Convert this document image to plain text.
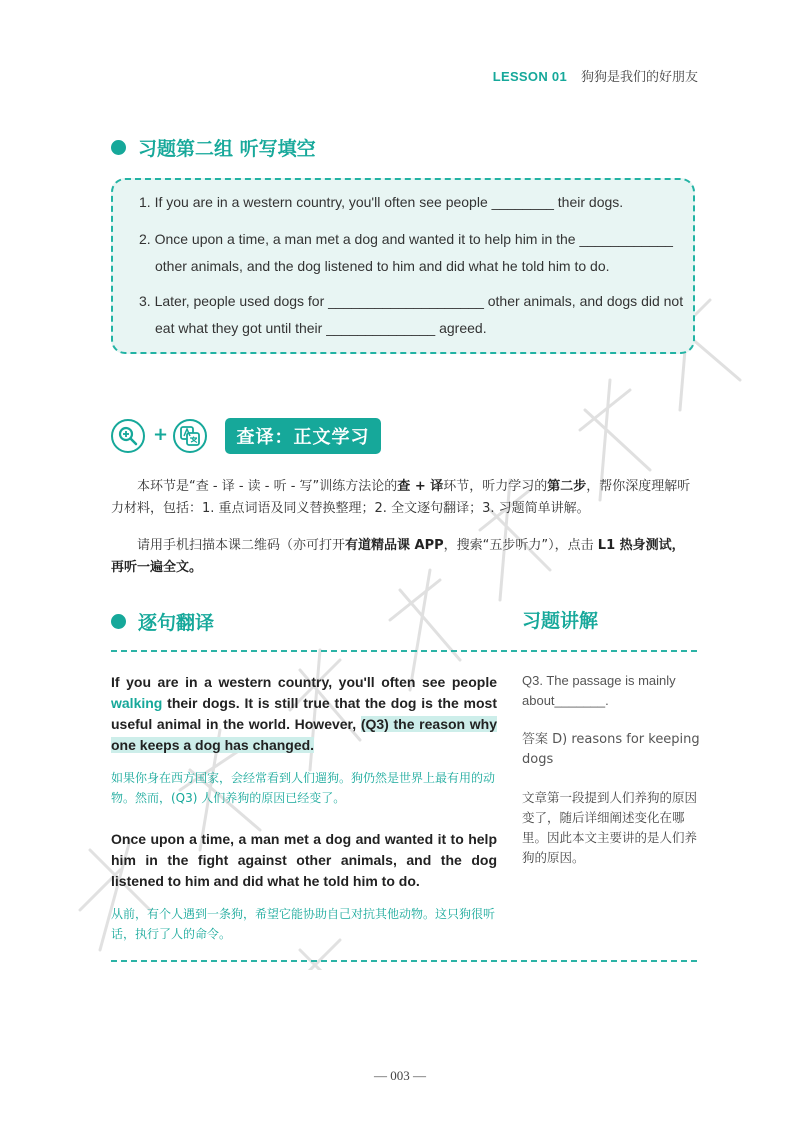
LESSON 01 狗狗是我们的好朋友
习题第二组 听写填空
1. If you are in a western country, you'll often see people ________ their dogs.
2. Once upon a time, a man met a dog and wanted it to help him in the ____________
other animals, and the dog listened to him and did what he told him to do.
3. Later, people used dogs for ____________________ other animals, and dogs did not
eat what they got until their ______________ agreed.
+	查译：正文学习
本环节是“查 - 译 - 读 - 听 - 写”训练方法论的查 + 译环节，听力学习的第二步，帮你深度理解听力材料，包括：1. 重点词语及同义替换整理；2. 全文逐句翻译；3. 习题简单讲解。
请用手机扫描本课二维码（亦可打开有道精品课 APP，搜索“五步听力”），点击 L1 热身测试，再听一遍全文。
逐句翻译	习题讲解
If you are in a western country, you'll often see people walking their dogs. It is still true that the dog is the most useful animal in the world. However, (Q3) the reason why one keeps a dog has changed.
如果你身在西方国家，会经常看到人们遛狗。狗仍然是世界上最有用的动物。然而，(Q3) 人们养狗的原因已经变了。
Once upon a time, a man met a dog and wanted it to help him in the fight against other animals, and the dog listened to him and did what he told him to do.
从前，有个人遇到一条狗，希望它能协助自己对抗其他动物。这只狗很听话，执行了人的命令。
Q3. The passage is mainly about_______.
答案 D) reasons for keeping dogs
文章第一段提到人们养狗的原因变了，随后详细阐述变化在哪里。因此本文主要讲的是人们养狗的原因。
— 003 —
